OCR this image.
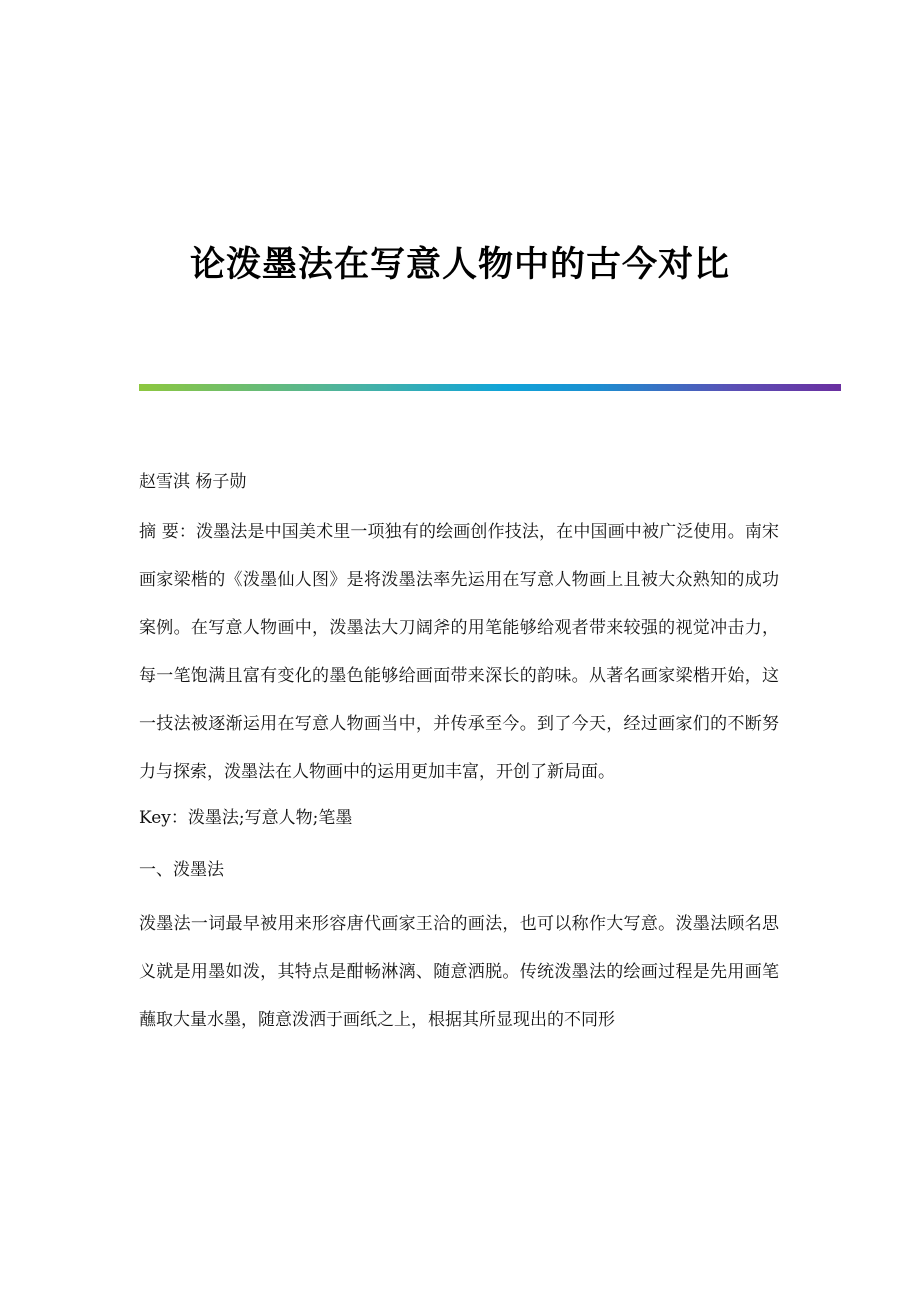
论泼墨法在写意人物中的古今对比

赵雪淇 杨子勋

摘 要：泼墨法是中国美术里一项独有的绘画创作技法，在中国画中被广泛使用。南宋画家梁楷的《泼墨仙人图》是将泼墨法率先运用在写意人物画上且被大众熟知的成功案例。在写意人物画中，泼墨法大刀阔斧的用笔能够给观者带来较强的视觉冲击力，每一笔饱满且富有变化的墨色能够给画面带来深长的韵味。从著名画家梁楷开始，这一技法被逐渐运用在写意人物画当中，并传承至今。到了今天，经过画家们的不断努力与探索，泼墨法在人物画中的运用更加丰富，开创了新局面。

Key：泼墨法;写意人物;笔墨

一、泼墨法

泼墨法一词最早被用来形容唐代画家王洽的画法，也可以称作大写意。泼墨法顾名思义就是用墨如泼，其特点是酣畅淋漓、随意洒脱。传统泼墨法的绘画过程是先用画笔蘸取大量水墨，随意泼洒于画纸之上，根据其所显现出的不同形
